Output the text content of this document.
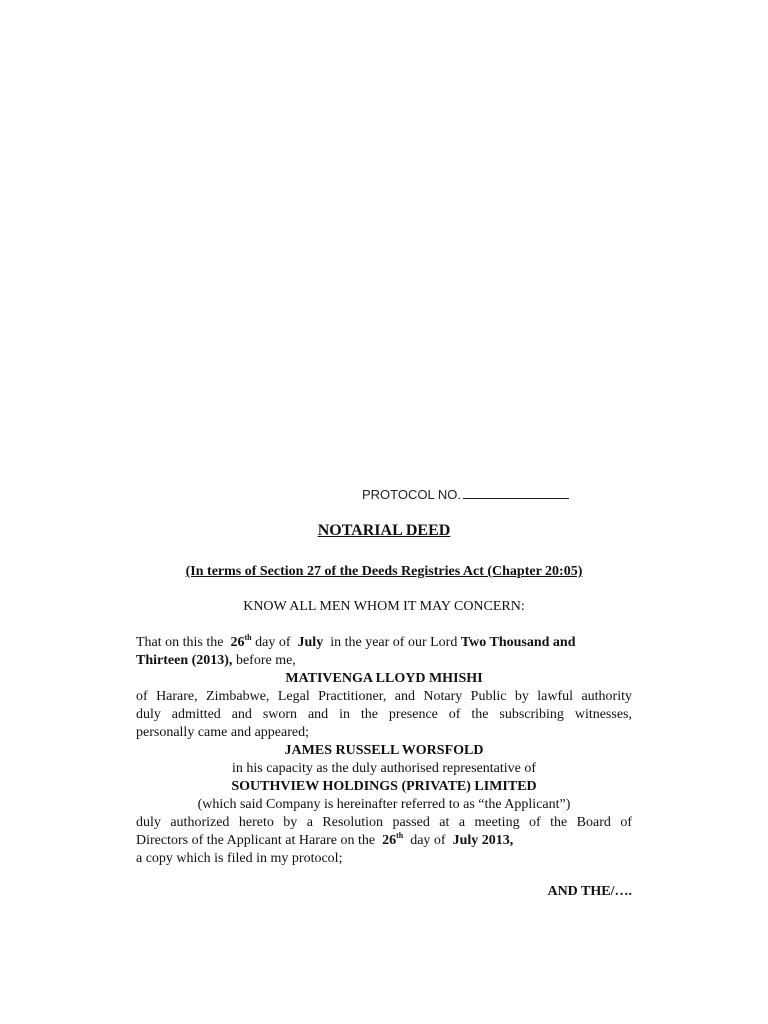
PROTOCOL NO.
NOTARIAL DEED
(In terms of Section 27 of the Deeds Registries Act (Chapter 20:05)
KNOW ALL MEN WHOM IT MAY CONCERN:
That on this the 26th day of July in the year of our Lord Two Thousand and
Thirteen (2013), before me,
MATIVENGA LLOYD MHISHI
of Harare, Zimbabwe, Legal Practitioner, and Notary Public by lawful authority
duly admitted and sworn and in the presence of the subscribing witnesses,
personally came and appeared;
JAMES RUSSELL WORSFOLD
in his capacity as the duly authorised representative of
SOUTHVIEW HOLDINGS (PRIVATE) LIMITED
(which said Company is hereinafter referred to as “the Applicant”)
duly authorized hereto by a Resolution passed at a meeting of the Board of
Directors of the Applicant at Harare on the 26th day of July 2013,
a copy which is filed in my protocol;
AND THE/….
